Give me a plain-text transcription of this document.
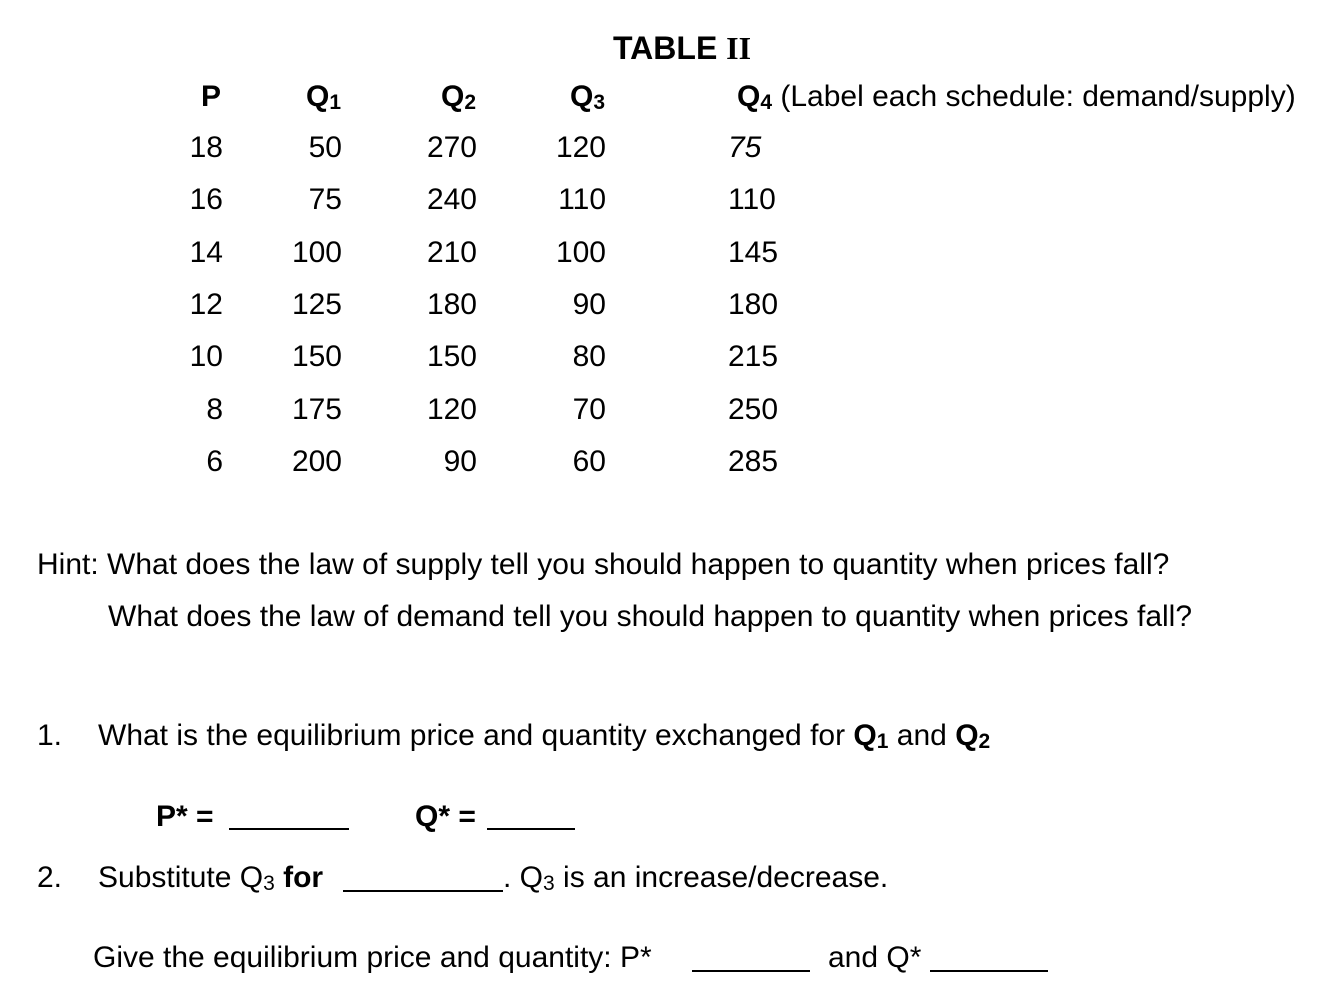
TABLE II
P	$Q_1$	$Q_2$	$Q_3$	$Q_4$ (Label each schedule: demand/supply)
18	50	270	120	75
16	75	240	110	110
14	100	210	100	145
12	125	180	90	180
10	150	150	80	215
8	175	120	70	250
6	200	90	60	285
Hint: What does the law of supply tell you should happen to quantity when prices fall?
What does the law of demand tell you should happen to quantity when prices fall?
1. What is the equilibrium price and quantity exchanged for $Q_1$ and $Q_2$
P* =	Q* =
2. Substitute $Q_3$ for	. $Q_3$ is an increase/decrease.
Give the equilibrium price and quantity: P*	and Q*
